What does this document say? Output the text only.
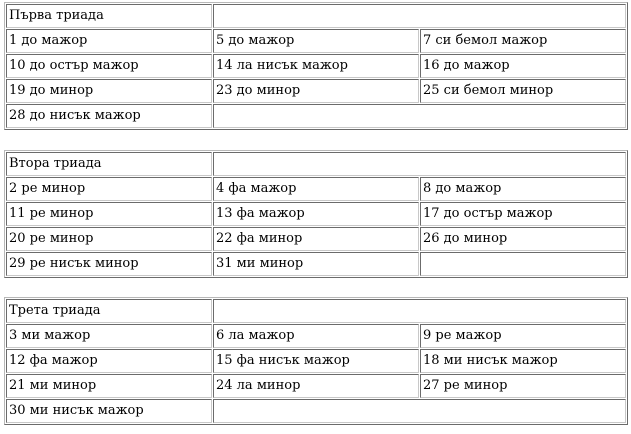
Първа триада		
1 до мажор	5 до мажор	7 си бемол мажор
10 до остър мажор	14 ла нисък мажор	16 до мажор
19 до минор	23 до минор	25 си бемол минор
28 до нисък мажор		
Втора триада		
2 ре минор	4 фа мажор	8 до мажор
11 ре минор	13 фа мажор	17 до остър мажор
20 ре минор	22 фа минор	26 до минор
29 ре нисък минор	31 ми минор	
Трета триада		
3 ми мажор	6 ла мажор	9 ре мажор
12 фа мажор	15 фа нисък мажор	18 ми нисък мажор
21 ми минор	24 ла минор	27 ре минор
30 ми нисък мажор		
